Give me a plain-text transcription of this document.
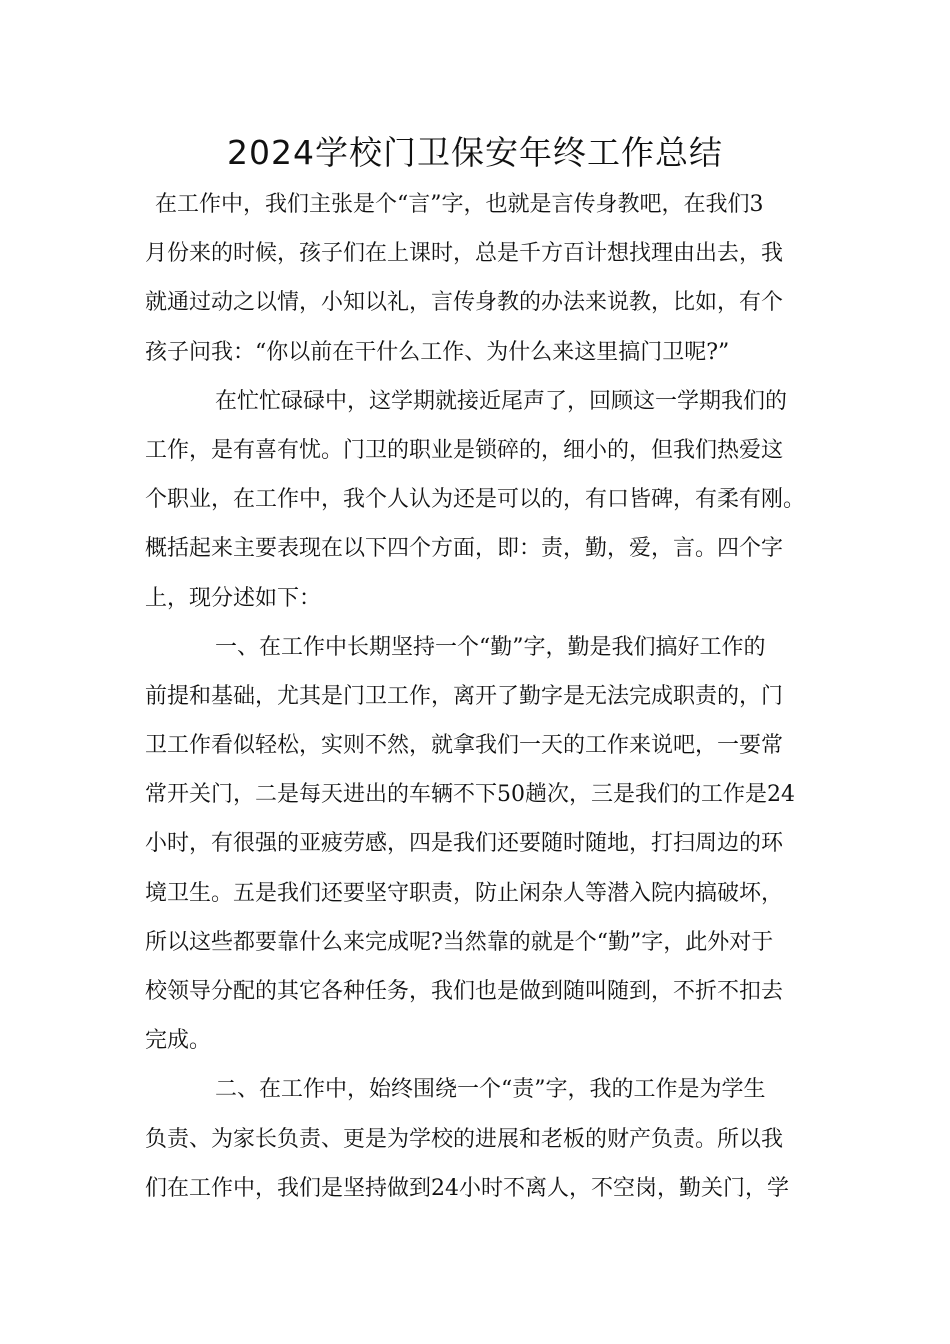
2024学校门卫保安年终工作总结
在工作中，我们主张是个“言”字，也就是言传身教吧，在我们3
月份来的时候，孩子们在上课时，总是千方百计想找理由出去，我
就通过动之以情，小知以礼，言传身教的办法来说教，比如，有个
孩子问我：“你以前在干什么工作、为什么来这里搞门卫呢?”
在忙忙碌碌中，这学期就接近尾声了，回顾这一学期我们的
工作，是有喜有忧。门卫的职业是锁碎的，细小的，但我们热爱这
个职业，在工作中，我个人认为还是可以的，有口皆碑，有柔有刚。
概括起来主要表现在以下四个方面，即：责，勤，爱，言。四个字
上，现分述如下：
一、在工作中长期坚持一个“勤”字，勤是我们搞好工作的
前提和基础，尤其是门卫工作，离开了勤字是无法完成职责的，门
卫工作看似轻松，实则不然，就拿我们一天的工作来说吧，一要常
常开关门，二是每天进出的车辆不下50趟次，三是我们的工作是24
小时，有很强的亚疲劳感，四是我们还要随时随地，打扫周边的环
境卫生。五是我们还要坚守职责，防止闲杂人等潜入院内搞破坏，
所以这些都要靠什么来完成呢?当然靠的就是个“勤”字，此外对于
校领导分配的其它各种任务，我们也是做到随叫随到，不折不扣去
完成。
二、在工作中，始终围绕一个“责”字，我的工作是为学生
负责、为家长负责、更是为学校的进展和老板的财产负责。所以我
们在工作中，我们是坚持做到24小时不离人，不空岗，勤关门，学
